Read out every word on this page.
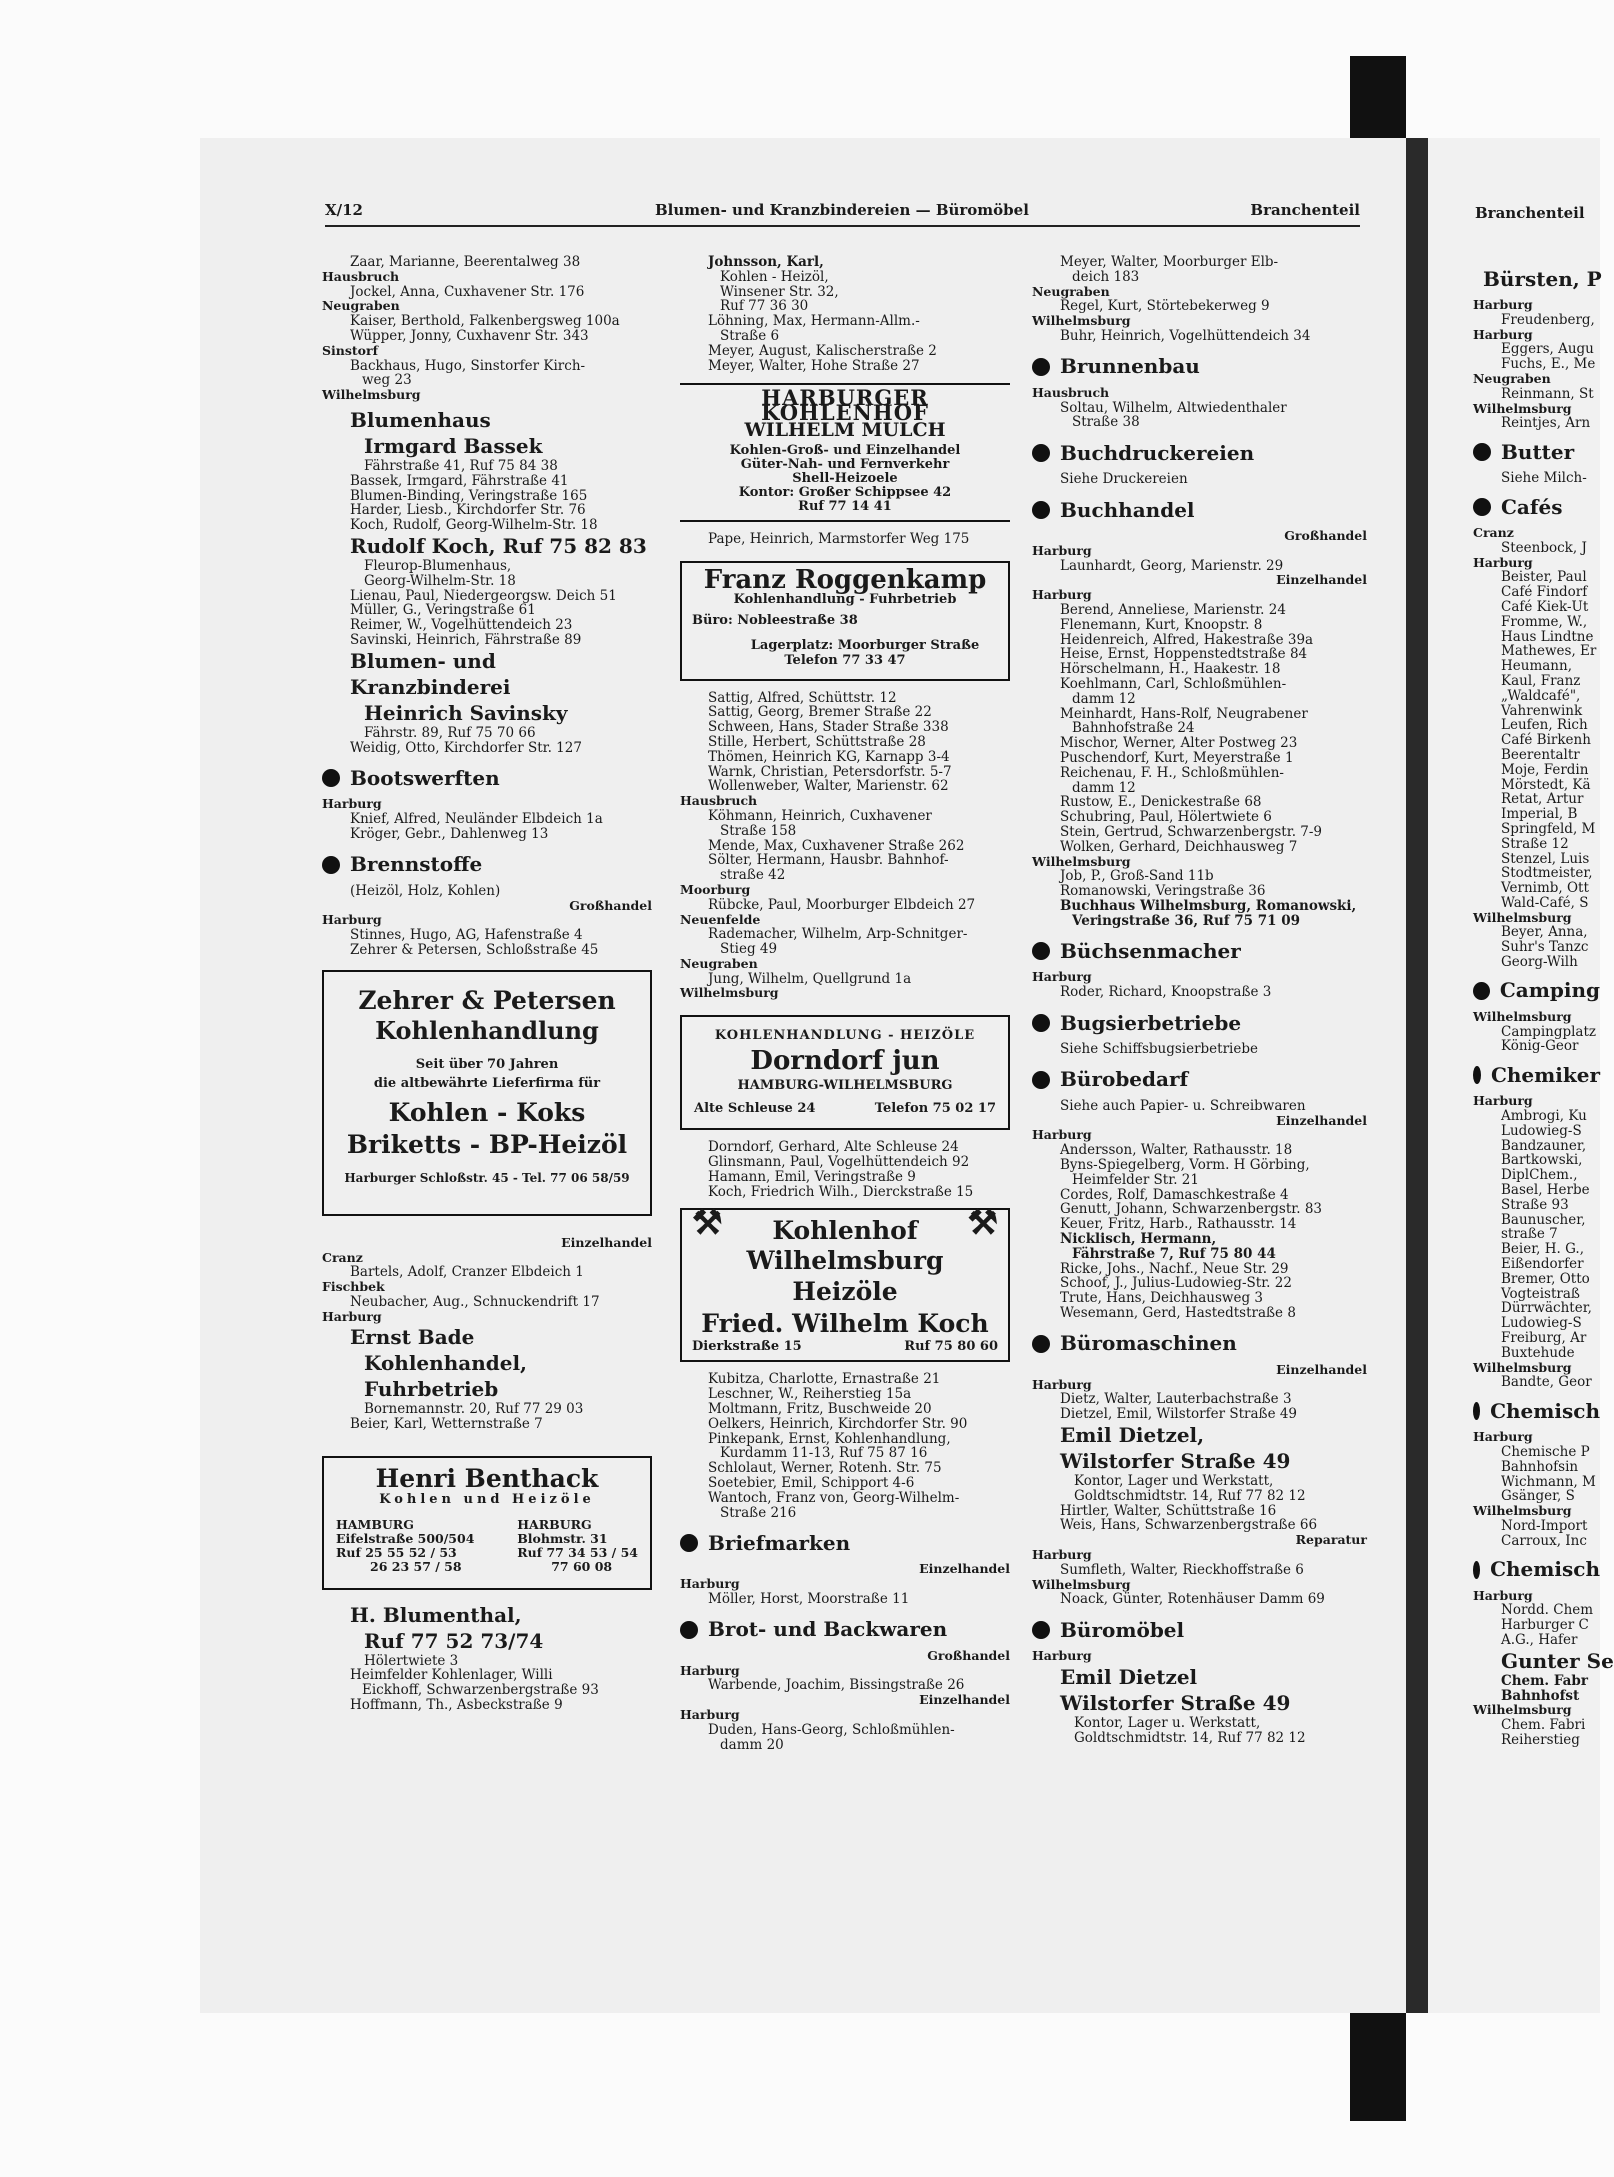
X/12	Blumen- und Kranzbindereien — Büromöbel	Branchenteil
Zaar, Marianne, Beerentalweg 38
Hausbruch
Jockel, Anna, Cuxhavener Str. 176
Neugraben
Kaiser, Berthold, Falkenbergsweg 100a
Wüpper, Jonny, Cuxhavenr Str. 343
Sinstorf
Backhaus, Hugo, Sinstorfer Kirch-
weg 23
Wilhelmsburg
Blumenhaus
Irmgard Bassek
Fährstraße 41, Ruf 75 84 38
Bassek, Irmgard, Fährstraße 41
Blumen-Binding, Veringstraße 165
Harder, Liesb., Kirchdorfer Str. 76
Koch, Rudolf, Georg-Wilhelm-Str. 18
Rudolf Koch, Ruf 75 82 83
Fleurop-Blumenhaus,
Georg-Wilhelm-Str. 18
Lienau, Paul, Niedergeorgsw. Deich 51
Müller, G., Veringstraße 61
Reimer, W., Vogelhüttendeich 23
Savinski, Heinrich, Fährstraße 89
Blumen- und Kranzbinderei
Heinrich Savinsky
Fährstr. 89, Ruf 75 70 66
Weidig, Otto, Kirchdorfer Str. 127
Bootswerften
Harburg
Knief, Alfred, Neuländer Elbdeich 1a
Kröger, Gebr., Dahlenweg 13
Brennstoffe
(Heizöl, Holz, Kohlen)
Großhandel
Harburg
Stinnes, Hugo, AG, Hafenstraße 4
Zehrer & Petersen, Schloßstraße 45
Zehrer & Petersen
Kohlenhandlung
Seit über 70 Jahren
die altbewährte Lieferfirma für
Kohlen - Koks
Briketts - BP-Heizöl
Harburger Schloßstr. 45 - Tel. 77 06 58/59
Einzelhandel
Cranz
Bartels, Adolf, Cranzer Elbdeich 1
Fischbek
Neubacher, Aug., Schnuckendrift 17
Harburg
Ernst Bade
Kohlenhandel, Fuhrbetrieb
Bornemannstr. 20, Ruf 77 29 03
Beier, Karl, Wetternstraße 7
Henri Benthack
Kohlen und Heizöle
HAMBURG
Eifelstraße 500/504
Ruf 25 55 52 / 53
26 23 57 / 58
HARBURG
Blohmstr. 31
Ruf 77 34 53 / 54
77 60 08
H. Blumenthal,
Ruf 77 52 73/74
Hölertwiete 3
Heimfelder Kohlenlager, Willi
Eickhoff, Schwarzenbergstraße 93
Hoffmann, Th., Asbeckstraße 9
Johnsson, Karl,
Kohlen - Heizöl,
Winsener Str. 32,
Ruf 77 36 30
Löhning, Max, Hermann-Allm.-
Straße 6
Meyer, August, Kalischerstraße 2
Meyer, Walter, Hohe Straße 27
HARBURGER KOHLENHOF
WILHELM MULCH
Kohlen-Groß- und Einzelhandel
Güter-Nah- und Fernverkehr
Shell-Heizoele
Kontor: Großer Schippsee 42
Ruf 77 14 41
Pape, Heinrich, Marmstorfer Weg 175
Franz Roggenkamp
Kohlenhandlung - Fuhrbetrieb
Büro: Nobleestraße 38
Lagerplatz: Moorburger Straße
Telefon 77 33 47
Sattig, Alfred, Schüttstr. 12
Sattig, Georg, Bremer Straße 22
Schween, Hans, Stader Straße 338
Stille, Herbert, Schüttstraße 28
Thömen, Heinrich KG, Karnapp 3-4
Warnk, Christian, Petersdorfstr. 5-7
Wollenweber, Walter, Marienstr. 62
Hausbruch
Köhmann, Heinrich, Cuxhavener
Straße 158
Mende, Max, Cuxhavener Straße 262
Sölter, Hermann, Hausbr. Bahnhof-
straße 42
Moorburg
Rübcke, Paul, Moorburger Elbdeich 27
Neuenfelde
Rademacher, Wilhelm, Arp-Schnitger-
Stieg 49
Neugraben
Jung, Wilhelm, Quellgrund 1a
Wilhelmsburg
KOHLENHANDLUNG - HEIZÖLE
Dorndorf jun
HAMBURG-WILHELMSBURG
Alte Schleuse 24	Telefon 75 02 17
Dorndorf, Gerhard, Alte Schleuse 24
Glinsmann, Paul, Vogelhüttendeich 92
Hamann, Emil, Veringstraße 9
Koch, Friedrich Wilh., Dierckstraße 15
⚒	Kohlenhof
Wilhelmsburg
⚒
Heizöle
Fried. Wilhelm Koch
Dierkstraße 15	Ruf 75 80 60
Kubitza, Charlotte, Ernastraße 21
Leschner, W., Reiherstieg 15a
Moltmann, Fritz, Buschweide 20
Oelkers, Heinrich, Kirchdorfer Str. 90
Pinkepank, Ernst, Kohlenhandlung,
Kurdamm 11-13, Ruf 75 87 16
Schlolaut, Werner, Rotenh. Str. 75
Soetebier, Emil, Schipport 4-6
Wantoch, Franz von, Georg-Wilhelm-
Straße 216
Briefmarken
Einzelhandel
Harburg
Möller, Horst, Moorstraße 11
Brot- und Backwaren
Großhandel
Harburg
Warbende, Joachim, Bissingstraße 26
Einzelhandel
Harburg
Duden, Hans-Georg, Schloßmühlen-
damm 20
Meyer, Walter, Moorburger Elb-
deich 183
Neugraben
Regel, Kurt, Störtebekerweg 9
Wilhelmsburg
Buhr, Heinrich, Vogelhüttendeich 34
Brunnenbau
Hausbruch
Soltau, Wilhelm, Altwiedenthaler
Straße 38
Buchdruckereien
Siehe Druckereien
Buchhandel
Großhandel
Harburg
Launhardt, Georg, Marienstr. 29
Einzelhandel
Harburg
Berend, Anneliese, Marienstr. 24
Flenemann, Kurt, Knoopstr. 8
Heidenreich, Alfred, Hakestraße 39a
Heise, Ernst, Hoppenstedtstraße 84
Hörschelmann, H., Haakestr. 18
Koehlmann, Carl, Schloßmühlen-
damm 12
Meinhardt, Hans-Rolf, Neugrabener
Bahnhofstraße 24
Mischor, Werner, Alter Postweg 23
Puschendorf, Kurt, Meyerstraße 1
Reichenau, F. H., Schloßmühlen-
damm 12
Rustow, E., Denickestraße 68
Schubring, Paul, Hölertwiete 6
Stein, Gertrud, Schwarzenbergstr. 7-9
Wolken, Gerhard, Deichhausweg 7
Wilhelmsburg
Job, P., Groß-Sand 11b
Romanowski, Veringstraße 36
Buchhaus Wilhelmsburg, Romanowski,
Veringstraße 36, Ruf 75 71 09
Büchsenmacher
Harburg
Roder, Richard, Knoopstraße 3
Bugsierbetriebe
Siehe Schiffsbugsierbetriebe
Bürobedarf
Siehe auch Papier- u. Schreibwaren
Einzelhandel
Harburg
Andersson, Walter, Rathausstr. 18
Byns-Spiegelberg, Vorm. H Görbing,
Heimfelder Str. 21
Cordes, Rolf, Damaschkestraße 4
Genutt, Johann, Schwarzenbergstr. 83
Keuer, Fritz, Harb., Rathausstr. 14
Nicklisch, Hermann,
Fährstraße 7, Ruf 75 80 44
Ricke, Johs., Nachf., Neue Str. 29
Schoof, J., Julius-Ludowieg-Str. 22
Trute, Hans, Deichhausweg 3
Wesemann, Gerd, Hastedtstraße 8
Büromaschinen
Einzelhandel
Harburg
Dietz, Walter, Lauterbachstraße 3
Dietzel, Emil, Wilstorfer Straße 49
Emil Dietzel,
Wilstorfer Straße 49
Kontor, Lager und Werkstatt,
Goldtschmidtstr. 14, Ruf 77 82 12
Hirtler, Walter, Schüttstraße 16
Weis, Hans, Schwarzenbergstraße 66
Reparatur
Harburg
Sumfleth, Walter, Rieckhoffstraße 6
Wilhelmsburg
Noack, Günter, Rotenhäuser Damm 69
Büromöbel
Harburg
Emil Dietzel
Wilstorfer Straße 49
Kontor, Lager u. Werkstatt,
Goldtschmidtstr. 14, Ruf 77 82 12
Branchenteil
Bürsten, P
Harburg
Freudenberg,
Harburg
Eggers, Augu
Fuchs, E., Me
Neugraben
Reinmann, St
Wilhelmsburg
Reintjes, Arn
Butter
Siehe Milch-
Cafés
Cranz
Steenbock, J
Harburg
Beister, Paul
Café Findorf
Café Kiek-Ut
Fromme, W.,
Haus Lindtne
Mathewes, Er
Heumann,
Kaul, Franz
„Waldcafé",
Vahrenwink
Leufen, Rich
Café Birkenh
Beerentaltr
Moje, Ferdin
Mörstedt, Kä
Retat, Artur
Imperial, B
Springfeld, M
Straße 12
Stenzel, Luis
Stodtmeister,
Vernimb, Ott
Wald-Café, S
Wilhelmsburg
Beyer, Anna,
Suhr's Tanzc
Georg-Wilh
Camping
Wilhelmsburg
Campingplatz
König-Geor
Chemiker
Harburg
Ambrogi, Ku
Ludowieg-S
Bandzauner,
Bartkowski,
DiplChem.,
Basel, Herbe
Straße 93
Baunuscher,
straße 7
Beier, H. G.,
Eißendorfer
Bremer, Otto
Vogteistraß
Dürrwächter,
Ludowieg-S
Freiburg, Ar
Buxtehude
Wilhelmsburg
Bandte, Geor
Chemisch
Harburg
Chemische P
Bahnhofsin
Wichmann, M
Gsänger, S
Wilhelmsburg
Nord-Import
Carroux, Inc
Chemisch
Harburg
Nordd. Chem
Harburger C
A.G., Hafer
Gunter Se
Chem. Fabr
Bahnhofst
Wilhelmsburg
Chem. Fabri
Reiherstieg
